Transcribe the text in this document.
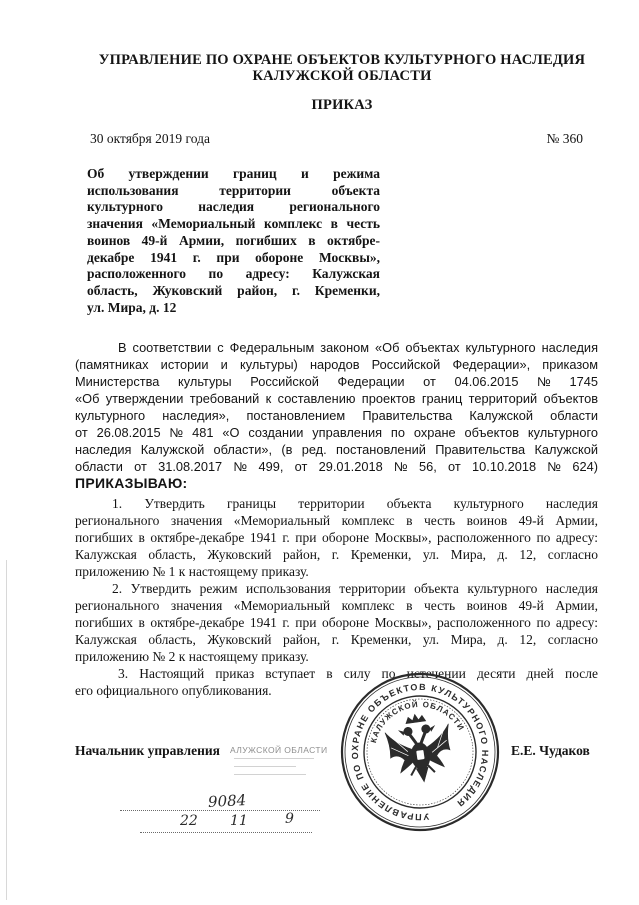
УПРАВЛЕНИЕ ПО ОХРАНЕ ОБЪЕКТОВ КУЛЬТУРНОГО НАСЛЕДИЯ
КАЛУЖСКОЙ ОБЛАСТИ
ПРИКАЗ
30 октября 2019 года	№ 360
Об утверждении границ и режима
использования территории объекта
культурного наследия регионального
значения «Мемориальный комплекс в честь
воинов 49-й Армии, погибших в октябре-
декабре 1941 г. при обороне Москвы»,
расположенного по адресу: Калужская
область, Жуковский район, г. Кременки,
ул. Мира, д. 12
В соответствии с Федеральным законом «Об объектах культурного наследия
(памятниках истории и культуры) народов Российской Федерации», приказом
Министерства культуры Российской Федерации от 04.06.2015 № 1745
«Об утверждении требований к составлению проектов границ территорий объектов
культурного наследия», постановлением Правительства Калужской области
от 26.08.2015 № 481 «О создании управления по охране объектов культурного
наследия Калужской области», (в ред. постановлений Правительства Калужской
области от 31.08.2017 № 499, от 29.01.2018 № 56, от 10.10.2018 № 624)
ПРИКАЗЫВАЮ:
1. Утвердить границы территории объекта культурного наследия
регионального значения «Мемориальный комплекс в честь воинов 49-й Армии,
погибших в октябре-декабре 1941 г. при обороне Москвы», расположенного по адресу:
Калужская область, Жуковский район, г. Кременки, ул. Мира, д. 12, согласно
приложению № 1 к настоящему приказу.
2. Утвердить режим использования территории объекта культурного наследия
регионального значения «Мемориальный комплекс в честь воинов 49-й Армии,
погибших в октябре-декабре 1941 г. при обороне Москвы», расположенного по адресу:
Калужская область, Жуковский район, г. Кременки, ул. Мира, д. 12, согласно
приложению № 2 к настоящему приказу.
3. Настоящий приказ вступает в силу по истечении десяти дней после
его официального опубликования.
АЛУЖСКОЙ ОБЛАСТИ
Начальник управления	Е.Е. Чудаков
УПРАВЛЕНИЕ ПО ОХРАНЕ ОБЪЕКТОВ КУЛЬТУРНОГО НАСЛЕДИЯ
КАЛУЖСКОЙ ОБЛАСТИ
9084
22 11	9
